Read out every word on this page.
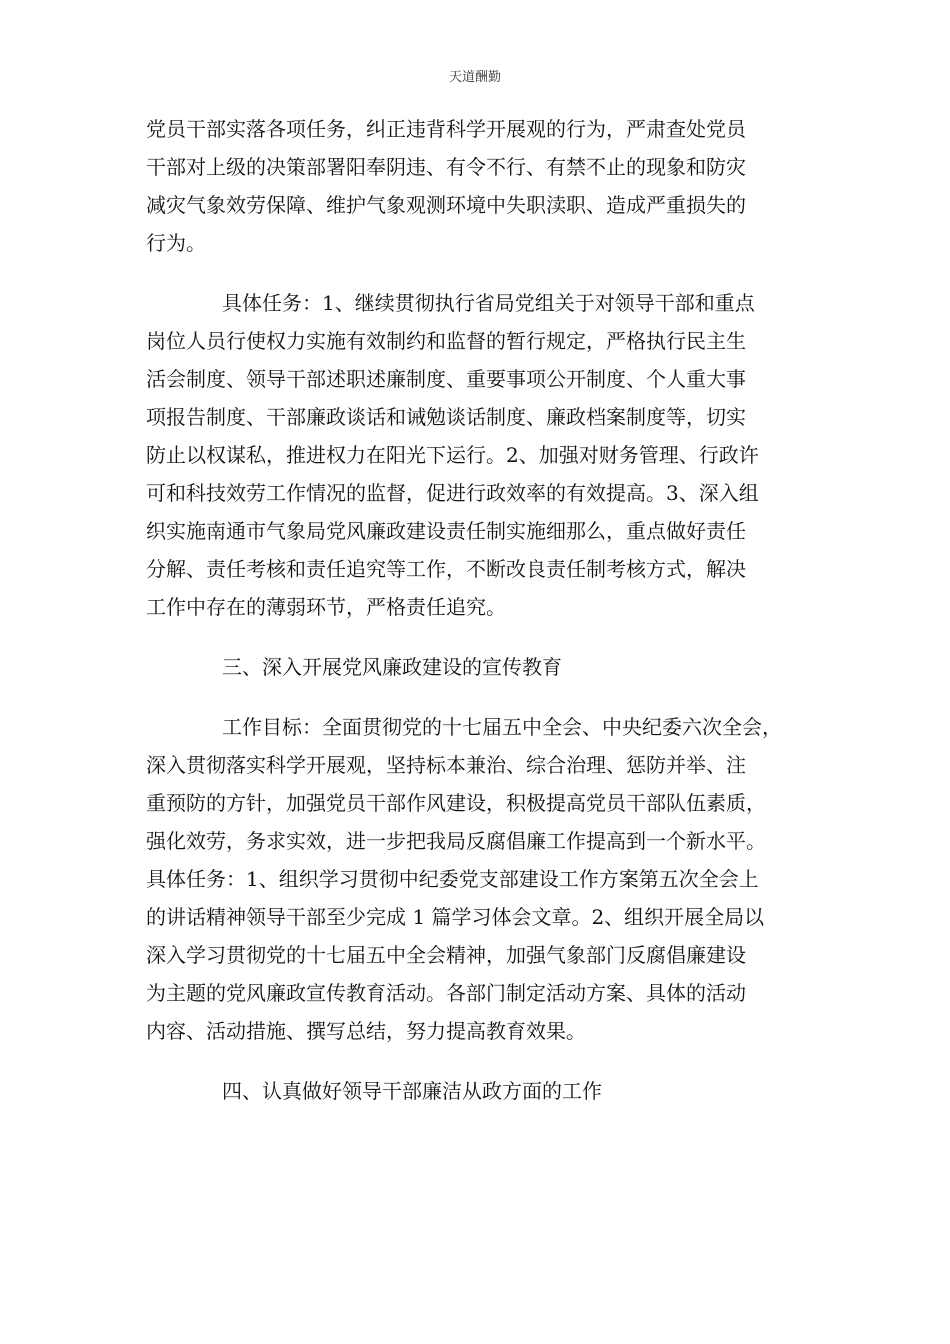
天道酬勤
党员干部实落各项任务，纠正违背科学开展观的行为，严肃查处党员
干部对上级的决策部署阳奉阴违、有令不行、有禁不止的现象和防灾
减灾气象效劳保障、维护气象观测环境中失职渎职、造成严重损失的
行为。
具体任务：1、继续贯彻执行省局党组关于对领导干部和重点
岗位人员行使权力实施有效制约和监督的暂行规定，严格执行民主生
活会制度、领导干部述职述廉制度、重要事项公开制度、个人重大事
项报告制度、干部廉政谈话和诫勉谈话制度、廉政档案制度等，切实
防止以权谋私，推进权力在阳光下运行。2、加强对财务管理、行政许
可和科技效劳工作情况的监督，促进行政效率的有效提高。3、深入组
织实施南通市气象局党风廉政建设责任制实施细那么，重点做好责任
分解、责任考核和责任追究等工作，不断改良责任制考核方式，解决
工作中存在的薄弱环节，严格责任追究。
三、深入开展党风廉政建设的宣传教育
工作目标：全面贯彻党的十七届五中全会、中央纪委六次全会，
深入贯彻落实科学开展观，坚持标本兼治、综合治理、惩防并举、注
重预防的方针，加强党员干部作风建设，积极提高党员干部队伍素质，
强化效劳，务求实效，进一步把我局反腐倡廉工作提高到一个新水平。
具体任务：1、组织学习贯彻中纪委党支部建设工作方案第五次全会上
的讲话精神领导干部至少完成 1 篇学习体会文章。2、组织开展全局以
深入学习贯彻党的十七届五中全会精神，加强气象部门反腐倡廉建设
为主题的党风廉政宣传教育活动。各部门制定活动方案、具体的活动
内容、活动措施、撰写总结，努力提高教育效果。
四、认真做好领导干部廉洁从政方面的工作
